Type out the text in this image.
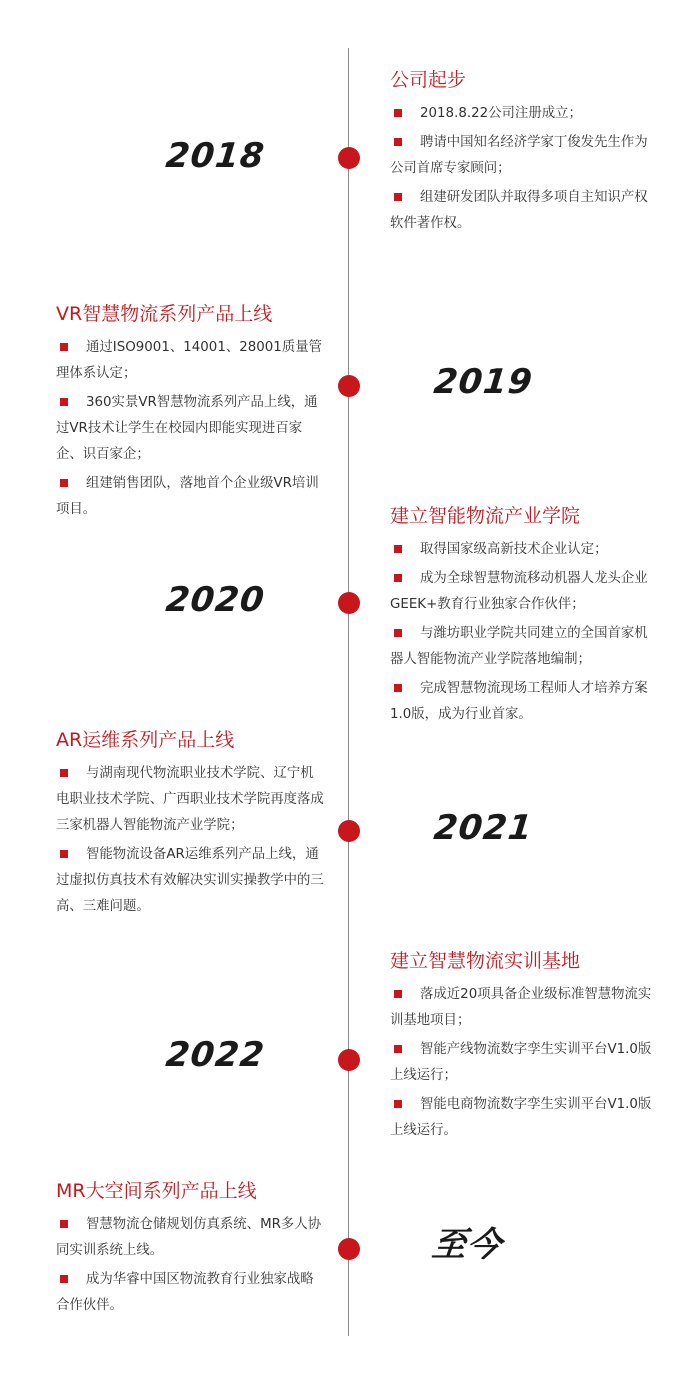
2018
公司起步
2018.8.22公司注册成立；
聘请中国知名经济学家丁俊发先生作为公司首席专家顾问；
组建研发团队并取得多项自主知识产权软件著作权。
2019
VR智慧物流系列产品上线
通过ISO9001、14001、28001质量管理体系认定；
360实景VR智慧物流系列产品上线，通过VR技术让学生在校园内即能实现进百家企、识百家企；
组建销售团队，落地首个企业级VR培训项目。
2020
建立智能物流产业学院
取得国家级高新技术企业认定；
成为全球智慧物流移动机器人龙头企业GEEK+教育行业独家合作伙伴；
与潍坊职业学院共同建立的全国首家机器人智能物流产业学院落地编制；
完成智慧物流现场工程师人才培养方案1.0版，成为行业首家。
2021
AR运维系列产品上线
与湖南现代物流职业技术学院、辽宁机电职业技术学院、广西职业技术学院再度落成三家机器人智能物流产业学院；
智能物流设备AR运维系列产品上线，通过虚拟仿真技术有效解决实训实操教学中的三高、三难问题。
2022
建立智慧物流实训基地
落成近20项具备企业级标准智慧物流实训基地项目；
智能产线物流数字孪生实训平台V1.0版上线运行；
智能电商物流数字孪生实训平台V1.0版上线运行。
至今
MR大空间系列产品上线
智慧物流仓储规划仿真系统、MR多人协同实训系统上线。
成为华睿中国区物流教育行业独家战略合作伙伴。
